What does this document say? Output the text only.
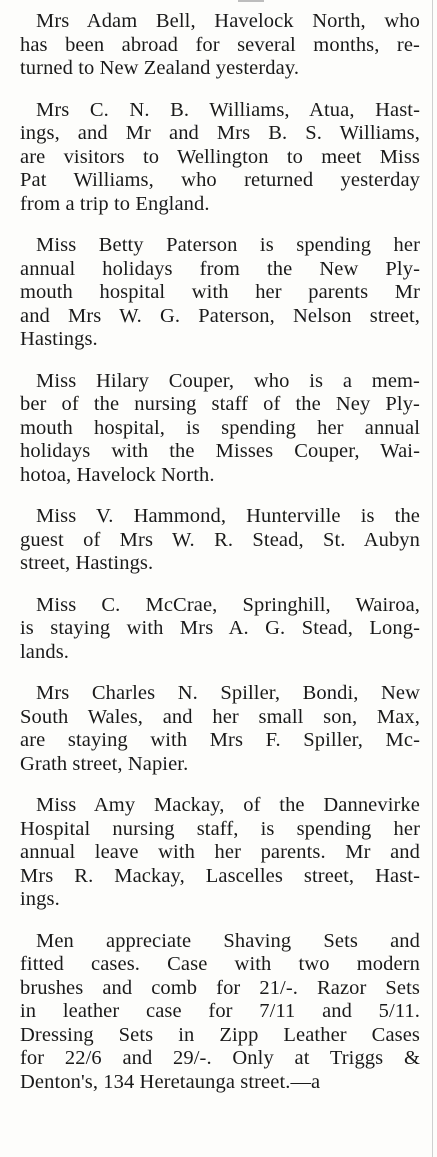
Mrs Adam Bell, Havelock North, who
has been abroad for several months, re-
turned to New Zealand yesterday.
Mrs C. N. B. Williams, Atua, Hast-
ings, and Mr and Mrs B. S. Williams,
are visitors to Wellington to meet Miss
Pat Williams, who returned yesterday
from a trip to England.
Miss Betty Paterson is spending her
annual holidays from the New Ply-
mouth hospital with her parents Mr
and Mrs W. G. Paterson, Nelson street,
Hastings.
Miss Hilary Couper, who is a mem-
ber of the nursing staff of the Ney Ply-
mouth hospital, is spending her annual
holidays with the Misses Couper, Wai-
hotoa, Havelock North.
Miss V. Hammond, Hunterville is the
guest of Mrs W. R. Stead, St. Aubyn
street, Hastings.
Miss C. McCrae, Springhill, Wairoa,
is staying with Mrs A. G. Stead, Long-
lands.
Mrs Charles N. Spiller, Bondi, New
South Wales, and her small son, Max,
are staying with Mrs F. Spiller, Mc-
Grath street, Napier.
Miss Amy Mackay, of the Dannevirke
Hospital nursing staff, is spending her
annual leave with her parents. Mr and
Mrs R. Mackay, Lascelles street, Hast-
ings.
Men appreciate Shaving Sets and
fitted cases. Case with two modern
brushes and comb for 21/-. Razor Sets
in leather case for 7/11 and 5/11.
Dressing Sets in Zipp Leather Cases
for 22/6 and 29/-. Only at Triggs &
Denton's, 134 Heretaunga street.—a
